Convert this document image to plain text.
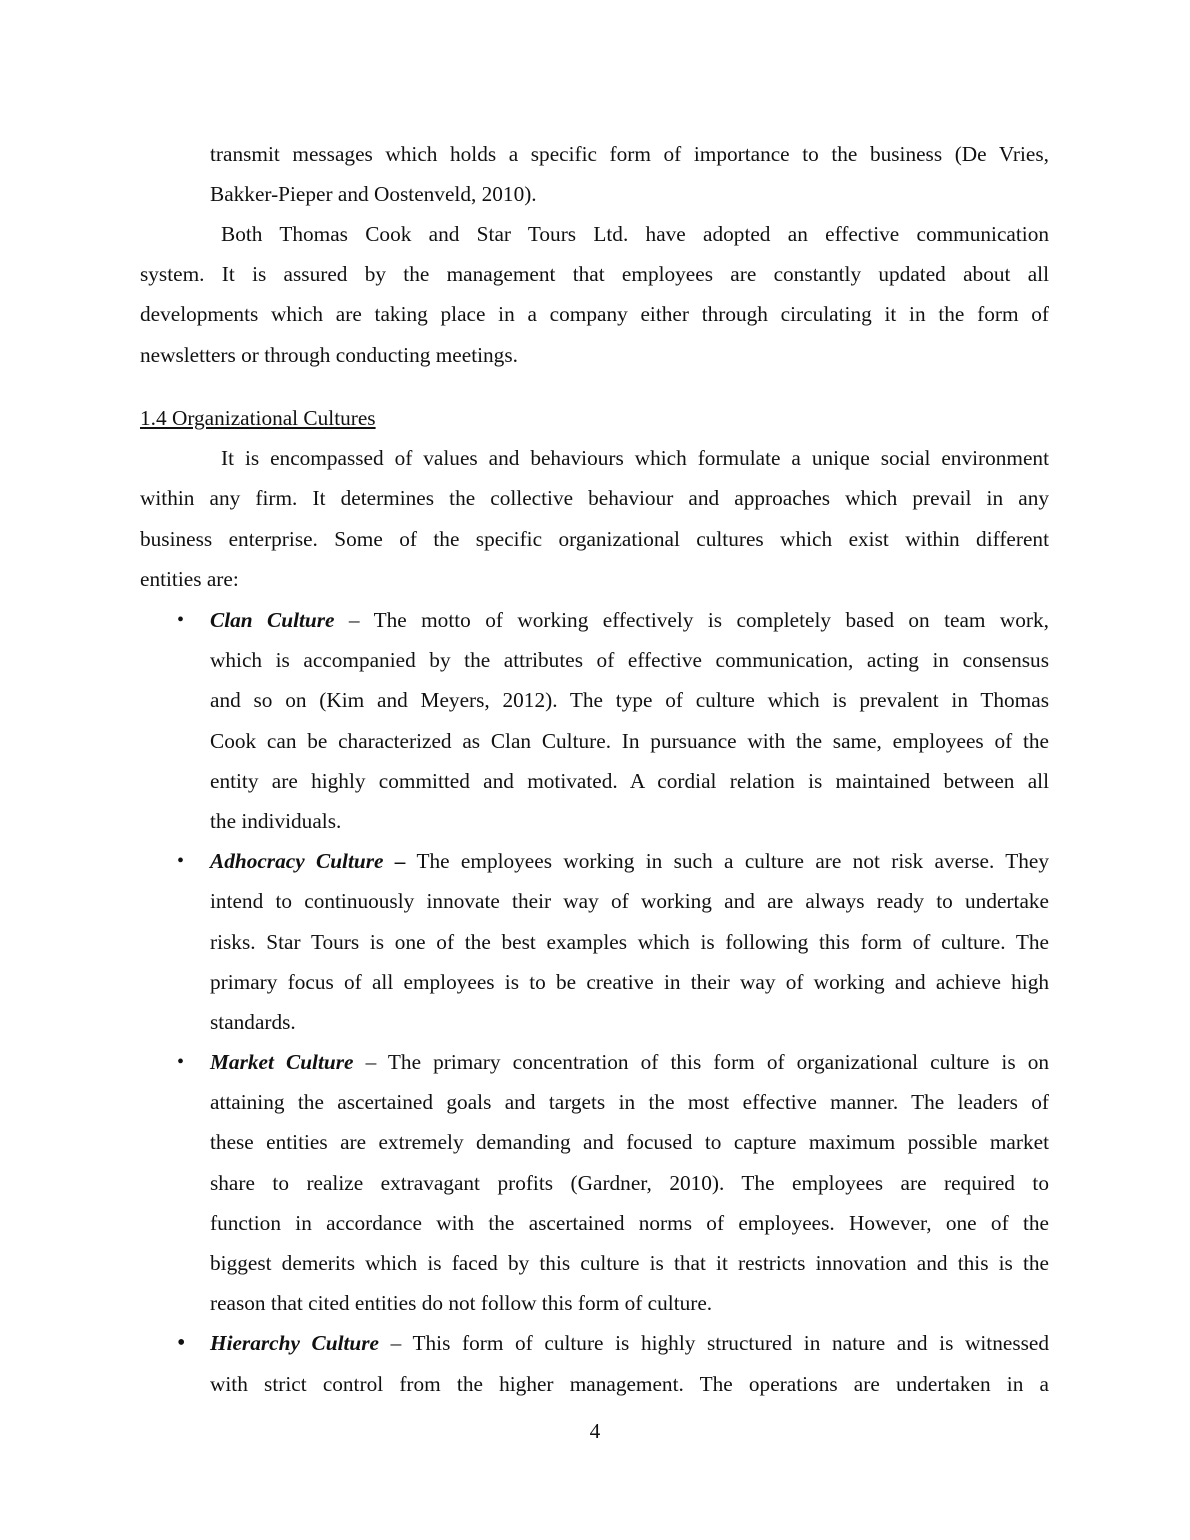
transmit messages which holds a specific form of importance to the business (De Vries,
Bakker-Pieper and Oostenveld, 2010).
Both Thomas Cook and Star Tours Ltd. have adopted an effective communication
system. It is assured by the management that employees are constantly updated about all
developments which are taking place in a company either through circulating it in the form of
newsletters or through conducting meetings.
1.4 Organizational Cultures
It is encompassed of values and behaviours which formulate a unique social environment
within any firm. It determines the collective behaviour and approaches which prevail in any
business enterprise. Some of the specific organizational cultures which exist within different
entities are:
• Clan Culture – The motto of working effectively is completely based on team work,
which is accompanied by the attributes of effective communication, acting in consensus
and so on (Kim and Meyers, 2012). The type of culture which is prevalent in Thomas
Cook can be characterized as Clan Culture. In pursuance with the same, employees of the
entity are highly committed and motivated. A cordial relation is maintained between all
the individuals.
• Adhocracy Culture – The employees working in such a culture are not risk averse. They
intend to continuously innovate their way of working and are always ready to undertake
risks. Star Tours is one of the best examples which is following this form of culture. The
primary focus of all employees is to be creative in their way of working and achieve high
standards.
• Market Culture – The primary concentration of this form of organizational culture is on
attaining the ascertained goals and targets in the most effective manner. The leaders of
these entities are extremely demanding and focused to capture maximum possible market
share to realize extravagant profits (Gardner, 2010). The employees are required to
function in accordance with the ascertained norms of employees. However, one of the
biggest demerits which is faced by this culture is that it restricts innovation and this is the
reason that cited entities do not follow this form of culture.
• Hierarchy Culture – This form of culture is highly structured in nature and is witnessed
with strict control from the higher management. The operations are undertaken in a
4
